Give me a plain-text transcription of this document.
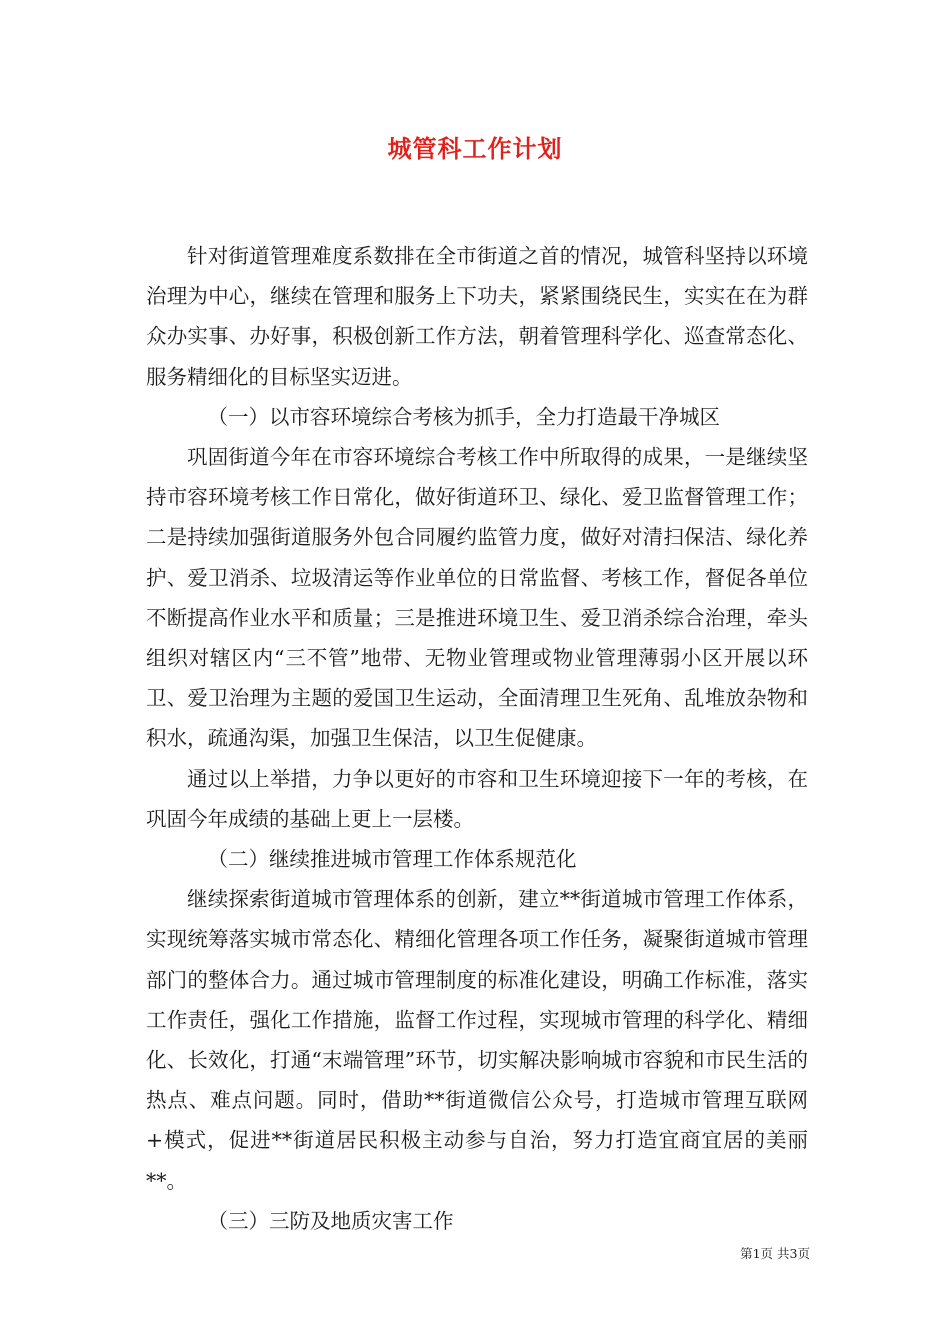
城管科工作计划

针对街道管理难度系数排在全市街道之首的情况，城管科坚持以环境治理为中心，继续在管理和服务上下功夫，紧紧围绕民生，实实在在为群众办实事、办好事，积极创新工作方法，朝着管理科学化、巡查常态化、服务精细化的目标坚实迈进。

（一）以市容环境综合考核为抓手，全力打造最干净城区

巩固街道今年在市容环境综合考核工作中所取得的成果，一是继续坚持市容环境考核工作日常化，做好街道环卫、绿化、爱卫监督管理工作；二是持续加强街道服务外包合同履约监管力度，做好对清扫保洁、绿化养护、爱卫消杀、垃圾清运等作业单位的日常监督、考核工作，督促各单位不断提高作业水平和质量；三是推进环境卫生、爱卫消杀综合治理，牵头组织对辖区内“三不管”地带、无物业管理或物业管理薄弱小区开展以环卫、爱卫治理为主题的爱国卫生运动，全面清理卫生死角、乱堆放杂物和积水，疏通沟渠，加强卫生保洁，以卫生促健康。

通过以上举措，力争以更好的市容和卫生环境迎接下一年的考核，在巩固今年成绩的基础上更上一层楼。

（二）继续推进城市管理工作体系规范化

继续探索街道城市管理体系的创新，建立**街道城市管理工作体系，实现统筹落实城市常态化、精细化管理各项工作任务，凝聚街道城市管理部门的整体合力。通过城市管理制度的标准化建设，明确工作标准，落实工作责任，强化工作措施，监督工作过程，实现城市管理的科学化、精细化、长效化，打通“末端管理”环节，切实解决影响城市容貌和市民生活的热点、难点问题。同时，借助**街道微信公众号，打造城市管理互联网+模式，促进**街道居民积极主动参与自治，努力打造宜商宜居的美丽**。

（三）三防及地质灾害工作

第1页 共3页
